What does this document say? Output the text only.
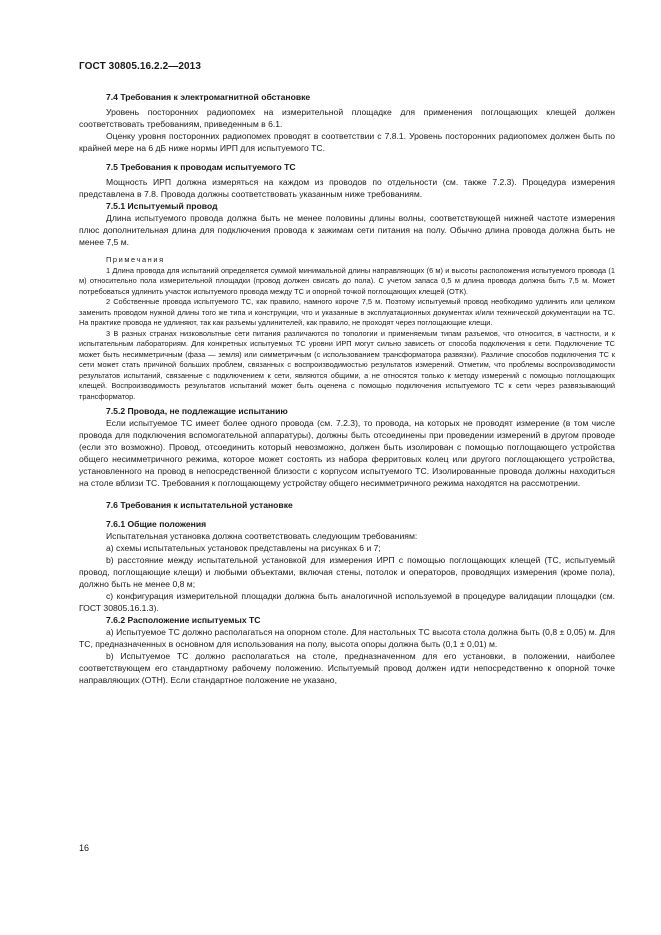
ГОСТ 30805.16.2.2—2013

7.4 Требования к электромагнитной обстановке

Уровень посторонних радиопомех на измерительной площадке для применения поглощающих клещей должен соответствовать требованиям, приведенным в 6.1.

Оценку уровня посторонних радиопомех проводят в соответствии с 7.8.1. Уровень посторонних радиопомех должен быть по крайней мере на 6 дБ ниже нормы ИРП для испытуемого ТС.

7.5 Требования к проводам испытуемого ТС

Мощность ИРП должна измеряться на каждом из проводов по отдельности (см. также 7.2.3). Процедура измерения представлена в 7.8. Провода должны соответствовать указанным ниже требованиям.

7.5.1 Испытуемый провод

Длина испытуемого провода должна быть не менее половины длины волны, соответствующей нижней частоте измерения плюс дополнительная длина для подключения провода к зажимам сети питания на полу. Обычно длина провода должна быть не менее 7,5 м.

Примечания

1 Длина провода для испытаний определяется суммой минимальной длины направляющих (6 м) и высоты расположения испытуемого провода (1 м) относительно пола измерительной площадки (провод должен свисать до пола). С учетом запаса 0,5 м длина провода должна быть 7,5 м. Может потребоваться удлинить участок испытуемого провода между ТС и опорной точкой поглощающих клещей (ОТК).

2 Собственные провода испытуемого ТС, как правило, намного короче 7,5 м. Поэтому испытуемый провод необходимо удлинить или целиком заменить проводом нужной длины того же типа и конструкции, что и указанные в эксплуатационных документах и/или технической документации на ТС. На практике провода не удлиняют, так как разъемы удлинителей, как правило, не проходят через поглощающие клещи.

3 В разных странах низковольтные сети питания различаются по топологии и применяемым типам разъемов, что относится, в частности, и к испытательным лабораториям. Для конкретных испытуемых ТС уровни ИРП могут сильно зависеть от способа подключения к сети. Подключение ТС может быть несимметричным (фаза — земля) или симметричным (с использованием трансформатора развязки). Различие способов подключения ТС к сети может стать причиной больших проблем, связанных с воспроизводимостью результатов измерений. Отметим, что проблемы воспроизводимости результатов испытаний, связанные с подключением к сети, являются общими, а не относятся только к методу измерений с помощью поглощающих клещей. Воспроизводимость результатов испытаний может быть оценена с помощью подключения испытуемого ТС к сети через развязывающий трансформатор.

7.5.2 Провода, не подлежащие испытанию

Если испытуемое ТС имеет более одного провода (см. 7.2.3), то провода, на которых не проводят измерение (в том числе провода для подключения вспомогательной аппаратуры), должны быть отсоединены при проведении измерений в другом проводе (если это возможно). Провод, отсоединить который невозможно, должен быть изолирован с помощью поглощающего устройства общего несимметричного режима, которое может состоять из набора ферритовых колец или другого поглощающего устройства, установленного на провод в непосредственной близости с корпусом испытуемого ТС. Изолированные провода должны находиться на столе вблизи ТС. Требования к поглощающему устройству общего несимметричного режима находятся на рассмотрении.

7.6 Требования к испытательной установке

7.6.1 Общие положения

Испытательная установка должна соответствовать следующим требованиям:

a) схемы испытательных установок представлены на рисунках 6 и 7;

b) расстояние между испытательной установкой для измерения ИРП с помощью поглощающих клещей (ТС, испытуемый провод, поглощающие клещи) и любыми объектами, включая стены, потолок и операторов, проводящих измерения (кроме пола), должно быть не менее 0,8 м;

c) конфигурация измерительной площадки должна быть аналогичной используемой в процедуре валидации площадки (см. ГОСТ 30805.16.1.3).

7.6.2 Расположение испытуемых ТС

a) Испытуемое ТС должно располагаться на опорном столе. Для настольных ТС высота стола должна быть (0,8 ± 0,05) м. Для ТС, предназначенных в основном для использования на полу, высота опоры должна быть (0,1 ± 0,01) м.

b) Испытуемое ТС должно располагаться на столе, предназначенном для его установки, в положении, наиболее соответствующем его стандартному рабочему положению. Испытуемый провод должен идти непосредственно к опорной точке направляющих (ОТН). Если стандартное положение не указано,

16
